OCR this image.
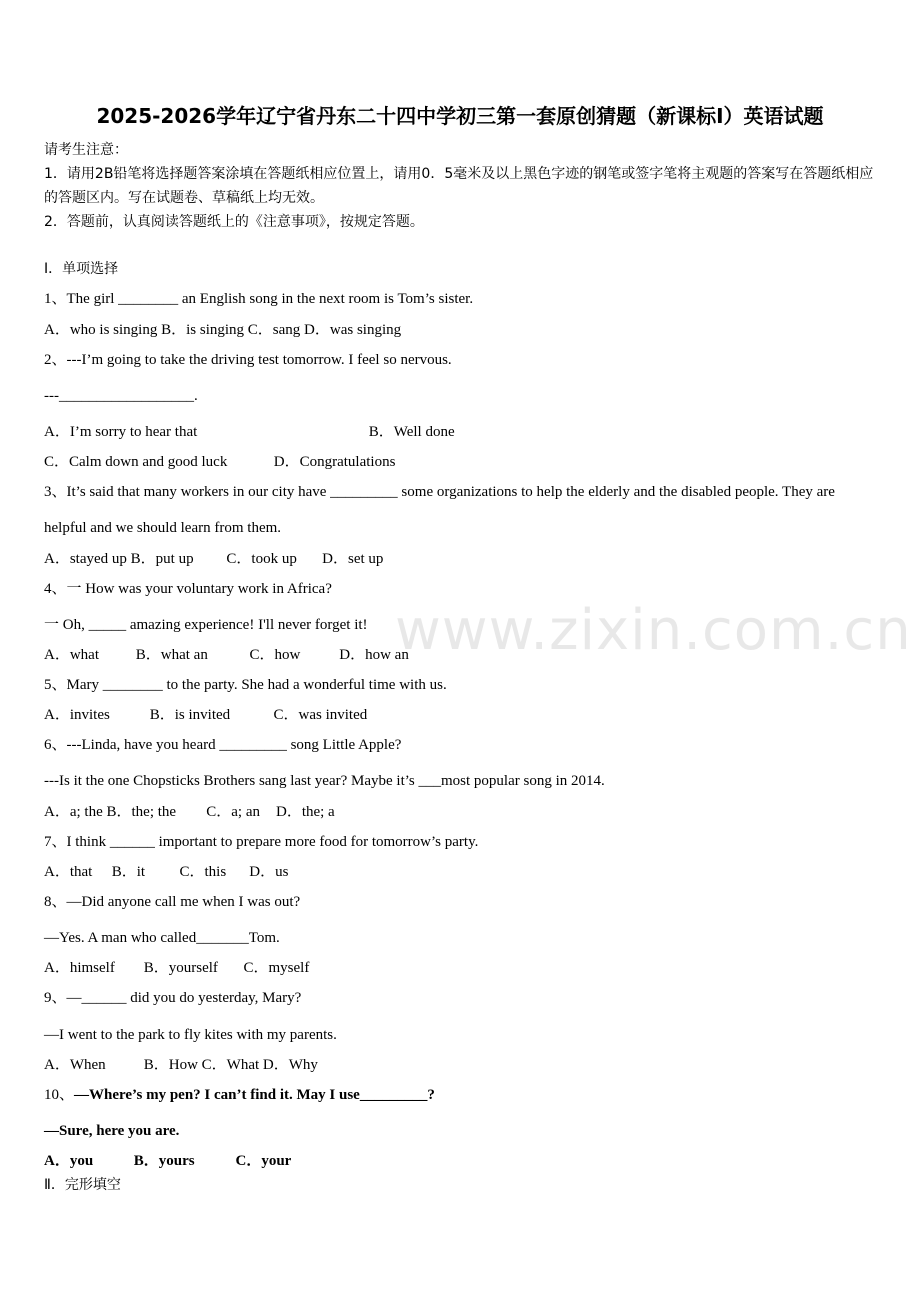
2025-2026学年辽宁省丹东二十四中学初三第一套原创猜题（新课标Ⅰ）英语试题
请考生注意：
1．请用2B铅笔将选择题答案涂填在答题纸相应位置上，请用0．5毫米及以上黑色字迹的钢笔或签字笔将主观题的答案写在答题纸相应的答题区内。写在试题卷、草稿纸上均无效。
2．答题前，认真阅读答题纸上的《注意事项》，按规定答题。
Ⅰ．单项选择
1、The girl ________ an English song in the next room is Tom’s sister.
A．who is singing B．is singing C．sang D．was singing
2、---I’m going to take the driving test tomorrow. I feel so nervous.
---__________________.
A．I’m sorry to hear that	B．Well done
C．Calm down and good luck	D．Congratulations
3、It’s said that many workers in our city have _________ some organizations to help the elderly and the disabled people. They are helpful and we should learn from them.
A．stayed up B．put up C．took up D．set up
4、一 How was your voluntary work in Africa?
一 Oh, _____ amazing experience! I'll never forget it!
A．what B．what an	C．how	D．how an
5、Mary ________ to the party. She had a wonderful time with us.
A．invites	B．is invited	C．was invited
6、---Linda, have you heard _________ song Little Apple?
---Is it the one Chopsticks Brothers sang last year? Maybe it’s ___most popular song in 2014.
A．a; the B．the; the C．a; an D．the; a
7、I think ______ important to prepare more food for tomorrow’s party.
A．that B．it C．this D．us
8、—Did anyone call me when I was out?
—Yes. A man who called_______Tom.
A．himself B．yourself C．myself
9、—______ did you do yesterday, Mary?
—I went to the park to fly kites with my parents.
A．When	B．How C．What D．Why
10、—Where’s my pen? I can’t find it. May I use_________?
—Sure, here you are.
A．you	B．yours	C．your
Ⅱ．完形填空
www.zixin.com.cn
